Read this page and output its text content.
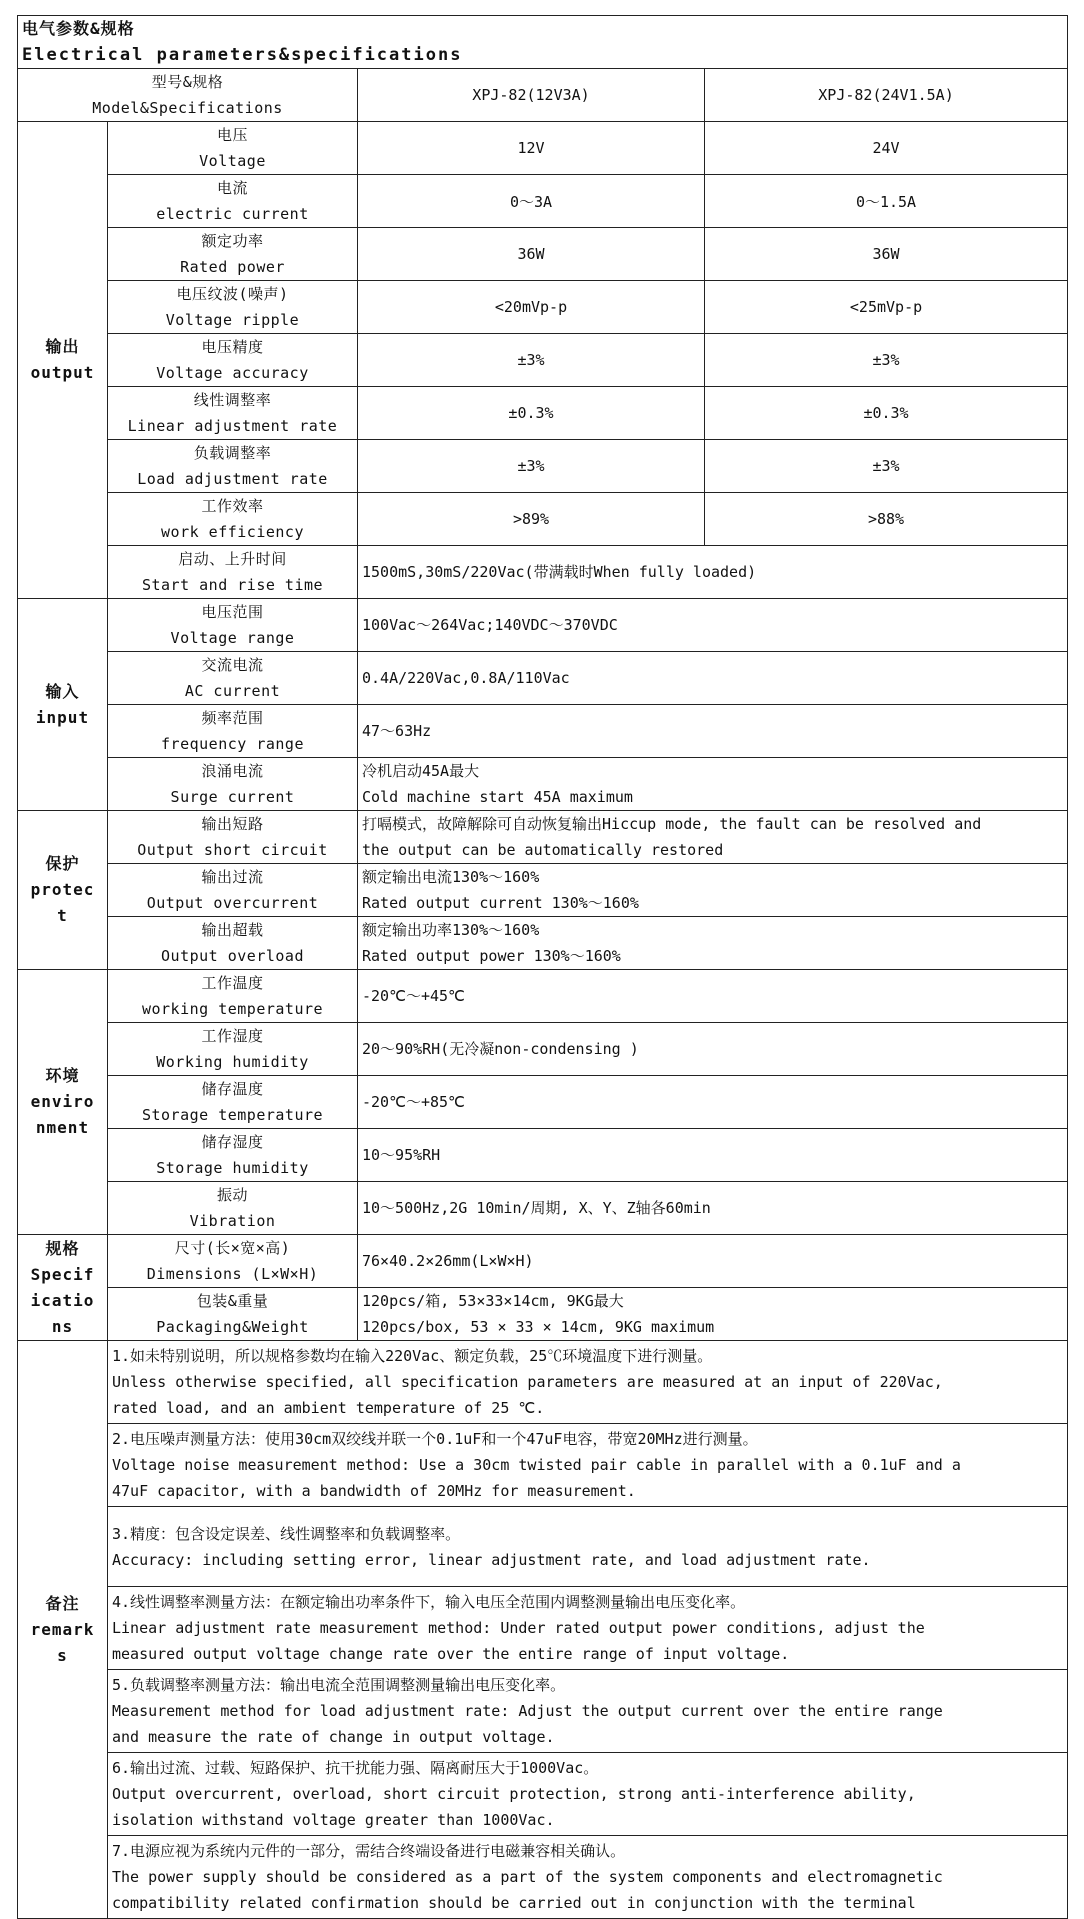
电气参数&规格
Electrical parameters&specifications			

型号&规格
Model&Specifications		XPJ-82(12V3A)	XPJ-82(24V1.5A)

输出
output	电压
Voltage	12V	24V

	电流
electric current	0～3A	0～1.5A

	额定功率
Rated power	36W	36W

	电压纹波(噪声)
Voltage ripple	<20mVp-p	<25mVp-p

	电压精度
Voltage accuracy	±3%	±3%

	线性调整率
Linear adjustment rate	±0.3%	±0.3%

	负载调整率
Load adjustment rate	±3%	±3%

	工作效率
work efficiency	>89%	>88%

	启动、上升时间
Start and rise time	1500mS,30mS/220Vac(带满载时When fully loaded)	

输入
input	电压范围
Voltage range	100Vac～264Vac;140VDC～370VDC	

	交流电流
AC current	0.4A/220Vac,0.8A/110Vac	

	频率范围
frequency range	47～63Hz	

	浪涌电流
Surge current	冷机启动45A最大
Cold machine start 45A maximum	

保护
protec
t	输出短路
Output short circuit	打嗝模式，故障解除可自动恢复输出Hiccup mode, the fault can be resolved and
the output can be automatically restored	

	输出过流
Output overcurrent	额定输出电流130%～160%
Rated output current 130%～160%	

	输出超载
Output overload	额定输出功率130%～160%
Rated output power 130%～160%	

环境
enviro
nment	工作温度
working temperature	-20℃～+45℃	

	工作湿度
Working humidity	20～90%RH(无冷凝non-condensing )	

	储存温度
Storage temperature	-20℃～+85℃	

	储存湿度
Storage humidity	10～95%RH	

	振动
Vibration	10～500Hz,2G 10min/周期, X、Y、Z轴各60min	

规格
Specif
icatio
ns	尺寸(长×宽×高)
Dimensions (L×W×H)	76×40.2×26mm(L×W×H)	

	包装&重量
Packaging&Weight	120pcs/箱, 53×33×14cm, 9KG最大
120pcs/box, 53 × 33 × 14cm, 9KG maximum	

备注
remark
s	1.如未特别说明，所以规格参数均在输入220Vac、额定负载，25℃环境温度下进行测量。
Unless otherwise specified, all specification parameters are measured at an input of 220Vac,
rated load, and an ambient temperature of 25 ℃.		

	2.电压噪声测量方法：使用30cm双绞线并联一个0.1uF和一个47uF电容，带宽20MHz进行测量。
Voltage noise measurement method: Use a 30cm twisted pair cable in parallel with a 0.1uF and a
47uF capacitor, with a bandwidth of 20MHz for measurement.		

	3.精度：包含设定误差、线性调整率和负载调整率。
Accuracy: including setting error, linear adjustment rate, and load adjustment rate.		

	4.线性调整率测量方法：在额定输出功率条件下，输入电压全范围内调整测量输出电压变化率。
Linear adjustment rate measurement method: Under rated output power conditions, adjust the
measured output voltage change rate over the entire range of input voltage.		

	5.负载调整率测量方法：输出电流全范围调整测量输出电压变化率。
Measurement method for load adjustment rate: Adjust the output current over the entire range
and measure the rate of change in output voltage.		

	6.输出过流、过载、短路保护、抗干扰能力强、隔离耐压大于1000Vac。
Output overcurrent, overload, short circuit protection, strong anti-interference ability,
isolation withstand voltage greater than 1000Vac.		

	7.电源应视为系统内元件的一部分，需结合终端设备进行电磁兼容相关确认。
The power supply should be considered as a part of the system components and electromagnetic
compatibility related confirmation should be carried out in conjunction with the terminal		
